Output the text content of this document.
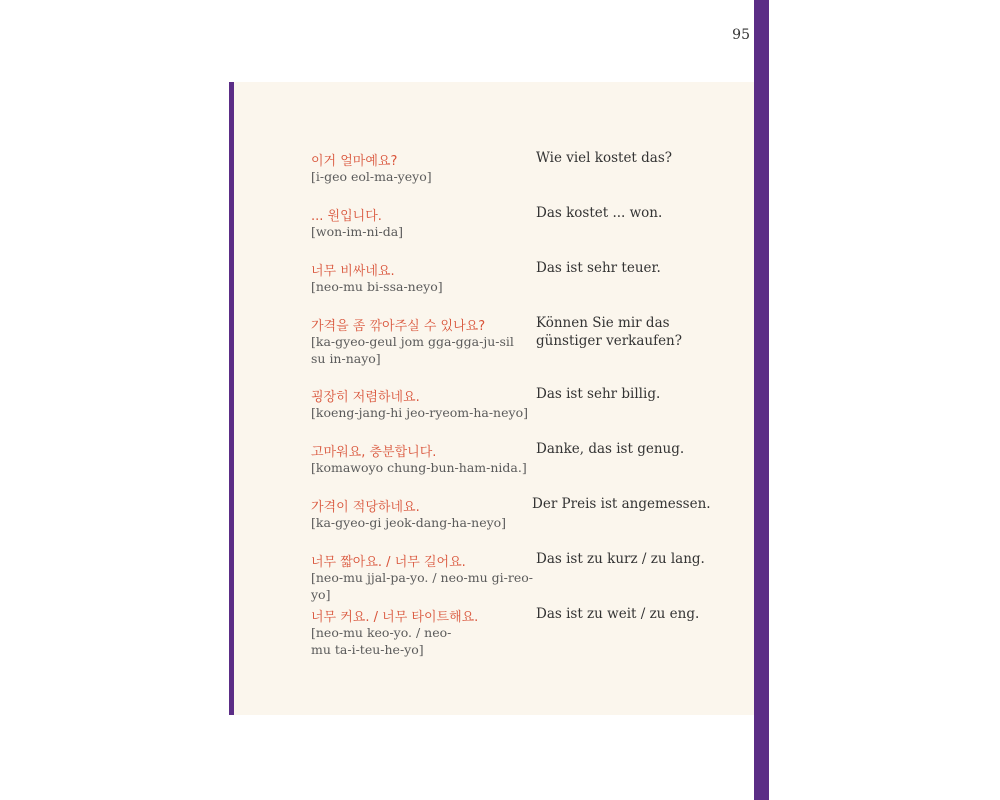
95
이거 얼마예요?
[i-geo eol-ma-yeyo]
Wie viel kostet das?
... 원입니다.
[won-im-ni-da]
Das kostet ... won.
너무 비싸네요.
[neo-mu bi-ssa-neyo]
Das ist sehr teuer.
가격을 좀 깎아주실 수 있나요?
[ka-gyeo-geul jom gga-gga-ju-sil su in-nayo]
Können Sie mir das günstiger verkaufen?
굉장히 저렴하네요.
[koeng-jang-hi jeo-ryeom-ha-neyo]
Das ist sehr billig.
고마워요, 충분합니다.
[komawoyo chung-bun-ham-nida.]
Danke, das ist genug.
가격이 적당하네요.
[ka-gyeo-gi jeok-dang-ha-neyo]
Der Preis ist angemessen.
너무 짧아요. / 너무 길어요.
[neo-mu jjal-pa-yo. / neo-mu gi-reo-yo]
Das ist zu kurz / zu lang.
너무 커요. / 너무 타이트해요.
[neo-mu keo-yo. / neo-mu ta-i-teu-he-yo]
Das ist zu weit / zu eng.
